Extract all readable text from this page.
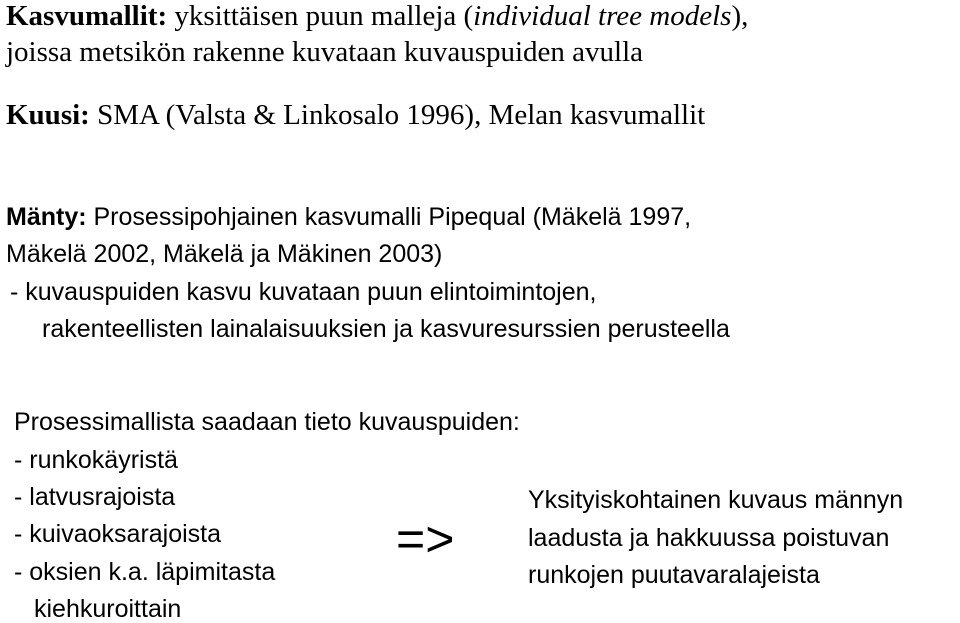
Kasvumallit: yksittäisen puun malleja (individual tree models),
joissa metsikön rakenne kuvataan kuvauspuiden avulla
Kuusi: SMA (Valsta & Linkosalo 1996), Melan kasvumallit
Mänty: Prosessipohjainen kasvumalli Pipequal (Mäkelä 1997,
Mäkelä 2002, Mäkelä ja Mäkinen 2003)
- kuvauspuiden kasvu kuvataan puun elintoimintojen,
rakenteellisten lainalaisuuksien ja kasvuresurssien perusteella
Prosessimallista saadaan tieto kuvauspuiden:
- runkokäyristä
- latvusrajoista
- kuivaoksarajoista
- oksien k.a. läpimitasta
kiehkuroittain
=>
Yksityiskohtainen kuvaus männyn
laadusta ja hakkuussa poistuvan
runkojen puutavaralajeista
